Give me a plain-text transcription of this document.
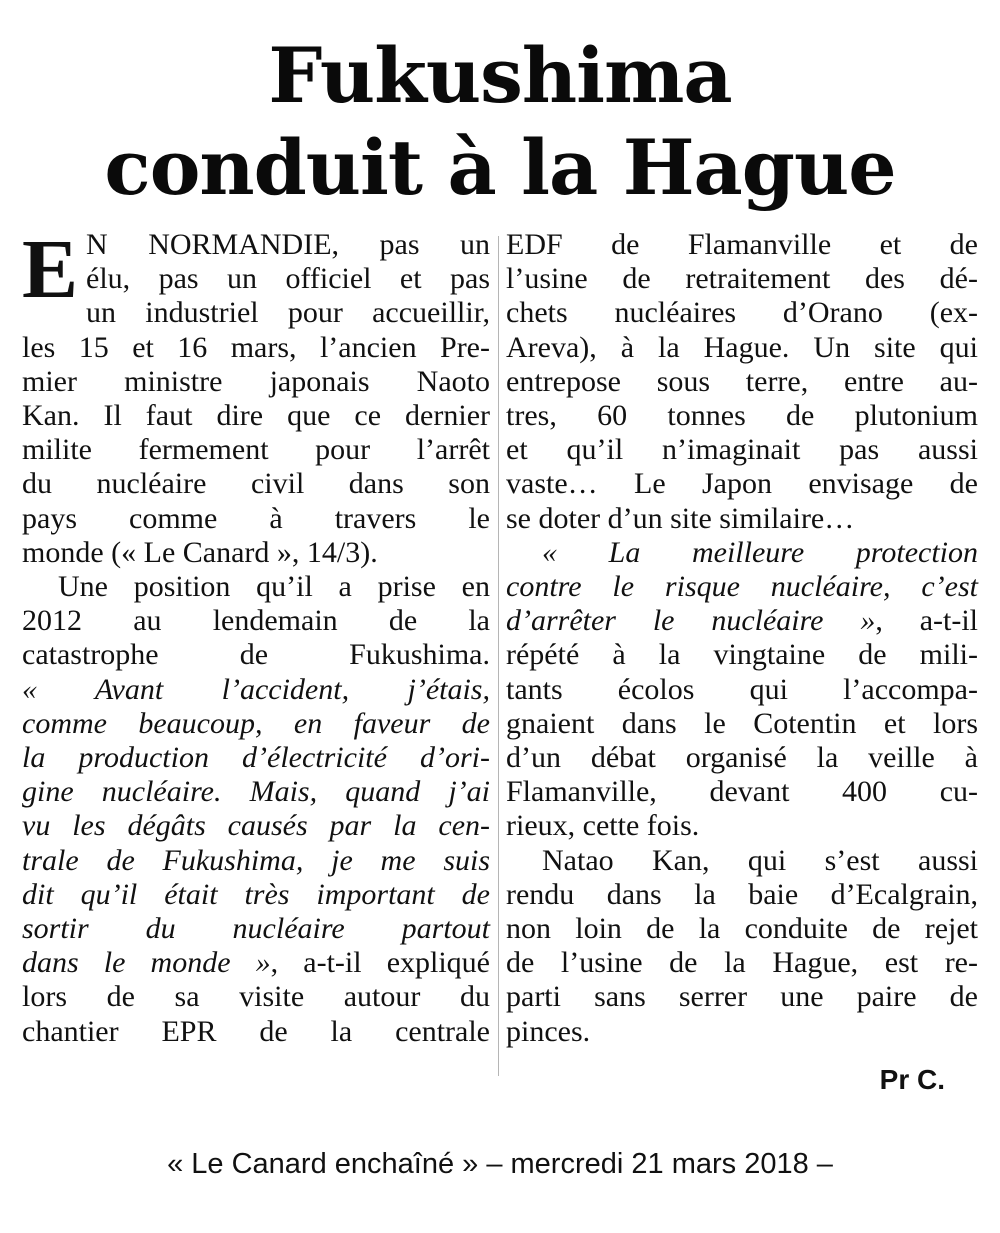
Fukushima
conduit à la Hague
E N NORMANDIE, pas un
élu, pas un officiel et pas
un industriel pour accueillir,
les 15 et 16 mars, l’ancien Pre-
mier ministre japonais Naoto
Kan. Il faut dire que ce dernier
milite fermement pour l’arrêt
du nucléaire civil dans son
pays comme à travers le
monde (« Le Canard », 14/3).
Une position qu’il a prise en
2012 au lendemain de la
catastrophe de Fukushima.
« Avant l’accident, j’étais,
comme beaucoup, en faveur de
la production d’électricité d’ori-
gine nucléaire. Mais, quand j’ai
vu les dégâts causés par la cen-
trale de Fukushima, je me suis
dit qu’il était très important de
sortir du nucléaire partout
dans le monde », a-t-il expliqué
lors de sa visite autour du
chantier EPR de la centrale
EDF de Flamanville et de
l’usine de retraitement des dé-
chets nucléaires d’Orano (ex-
Areva), à la Hague. Un site qui
entrepose sous terre, entre au-
tres, 60 tonnes de plutonium
et qu’il n’imaginait pas aussi
vaste… Le Japon envisage de
se doter d’un site similaire…
« La meilleure protection
contre le risque nucléaire, c’est
d’arrêter le nucléaire », a-t-il
répété à la vingtaine de mili-
tants écolos qui l’accompa-
gnaient dans le Cotentin et lors
d’un débat organisé la veille à
Flamanville, devant 400 cu-
rieux, cette fois.
Natao Kan, qui s’est aussi
rendu dans la baie d’Ecalgrain,
non loin de la conduite de rejet
de l’usine de la Hague, est re-
parti sans serrer une paire de
pinces.
Pr C.
« Le Canard enchaîné » – mercredi 21 mars 2018 –
